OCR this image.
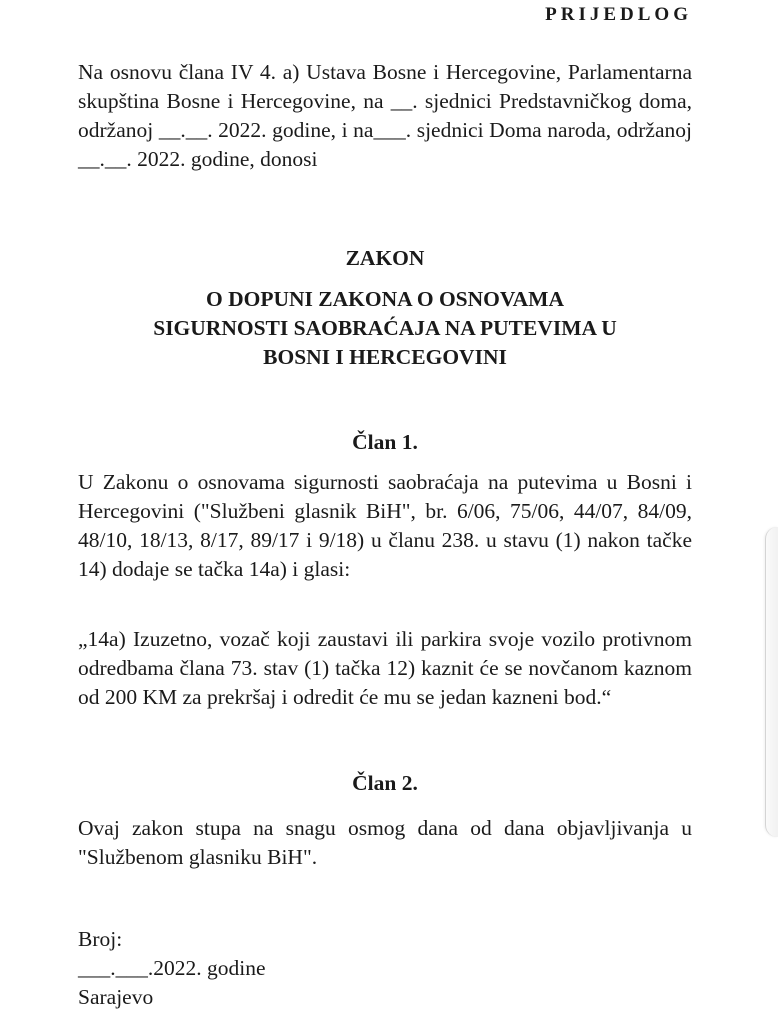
PRIJEDLOG
Na osnovu člana IV 4. a) Ustava Bosne i Hercegovine, Parlamentarna skupština Bosne i Hercegovine, na __. sjednici Predstavničkog doma, održanoj __.__. 2022. godine, i na___. sjednici Doma naroda, održanoj __.__. 2022. godine, donosi
ZAKON
O DOPUNI ZAKONA O OSNOVAMA SIGURNOSTI SAOBRAĆAJA NA PUTEVIMA U BOSNI I HERCEGOVINI
Član 1.
U Zakonu o osnovama sigurnosti saobraćaja na putevima u Bosni i Hercegovini ("Službeni glasnik BiH", br. 6/06, 75/06, 44/07, 84/09, 48/10, 18/13, 8/17, 89/17 i 9/18) u članu 238. u stavu (1) nakon tačke 14) dodaje se tačka 14a) i glasi:
„14a) Izuzetno, vozač koji zaustavi ili parkira svoje vozilo protivnom odredbama člana 73. stav (1) tačka 12) kaznit će se novčanom kaznom od 200 KM za prekršaj i odredit će mu se jedan kazneni bod.“
Član 2.
Ovaj zakon stupa na snagu osmog dana od dana objavljivanja u "Službenom glasniku BiH".
Broj:
___.___.2022. godine
Sarajevo
